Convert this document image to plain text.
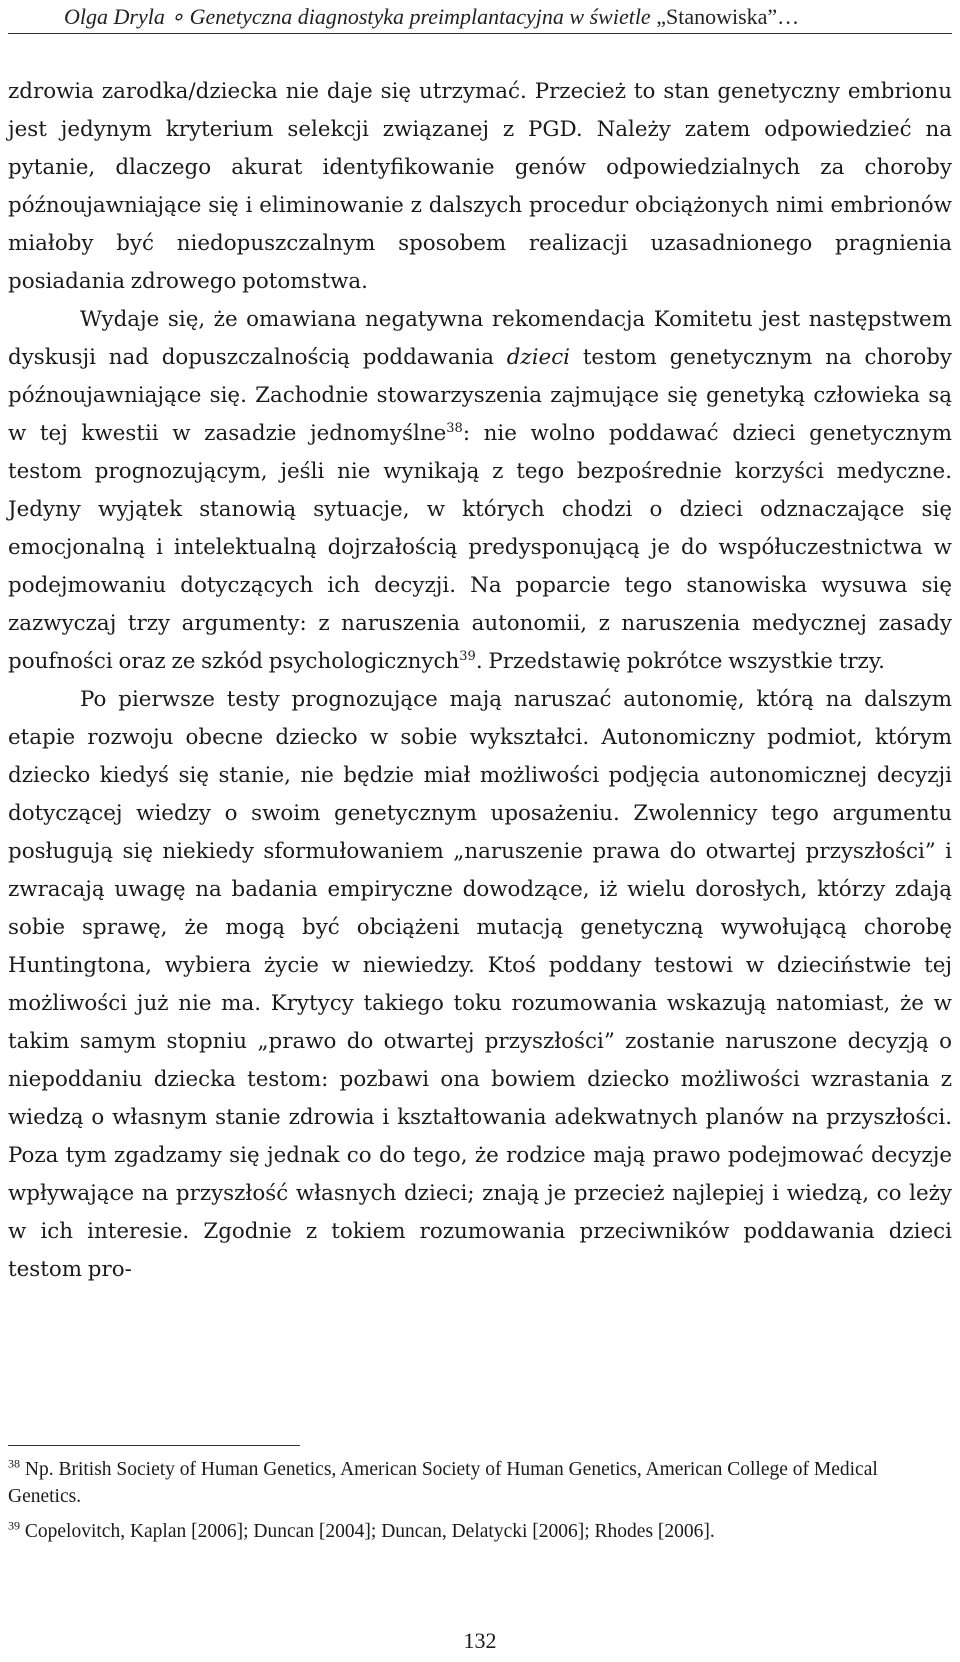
Olga Dryla ∘ Genetyczna diagnostyka preimplantacyjna w świetle „Stanowiska”…

zdrowia zarodka/dziecka nie daje się utrzymać. Przecież to stan genetyczny embrionu jest jedynym kryterium selekcji związanej z PGD. Należy zatem odpowiedzieć na pytanie, dlaczego akurat identyfikowanie genów odpowiedzialnych za choroby późnoujawniające się i eliminowanie z dalszych procedur obciążonych nimi embrionów miałoby być niedopuszczalnym sposobem realizacji uzasadnionego pragnienia posiadania zdrowego potomstwa.

Wydaje się, że omawiana negatywna rekomendacja Komitetu jest następstwem dyskusji nad dopuszczalnością poddawania dzieci testom genetycznym na choroby późnoujawniające się. Zachodnie stowarzyszenia zajmujące się genetyką człowieka są w tej kwestii w zasadzie jednomyślne$^{38}$: nie wolno poddawać dzieci genetycznym testom prognozującym, jeśli nie wynikają z tego bezpośrednie korzyści medyczne. Jedyny wyjątek stanowią sytuacje, w których chodzi o dzieci odznaczające się emocjonalną i intelektualną dojrzałością predysponującą je do współuczestnictwa w podejmowaniu dotyczących ich decyzji. Na poparcie tego stanowiska wysuwa się zazwyczaj trzy argumenty: z naruszenia autonomii, z naruszenia medycznej zasady poufności oraz ze szkód psychologicznych$^{39}$. Przedstawię pokrótce wszystkie trzy.

Po pierwsze testy prognozujące mają naruszać autonomię, którą na dalszym etapie rozwoju obecne dziecko w sobie wykształci. Autonomiczny podmiot, którym dziecko kiedyś się stanie, nie będzie miał możliwości podjęcia autonomicznej decyzji dotyczącej wiedzy o swoim genetycznym uposażeniu. Zwolennicy tego argumentu posługują się niekiedy sformułowaniem „naruszenie prawa do otwartej przyszłości” i zwracają uwagę na badania empiryczne dowodzące, iż wielu dorosłych, którzy zdają sobie sprawę, że mogą być obciążeni mutacją genetyczną wywołującą chorobę Huntingtona, wybiera życie w niewiedzy. Ktoś poddany testowi w dzieciństwie tej możliwości już nie ma. Krytycy takiego toku rozumowania wskazują natomiast, że w takim samym stopniu „prawo do otwartej przyszłości” zostanie naruszone decyzją o niepoddaniu dziecka testom: pozbawi ona bowiem dziecko możliwości wzrastania z wiedzą o własnym stanie zdrowia i kształtowania adekwatnych planów na przyszłości. Poza tym zgadzamy się jednak co do tego, że rodzice mają prawo podejmować decyzje wpływające na przyszłość własnych dzieci; znają je przecież najlepiej i wiedzą, co leży w ich interesie. Zgodnie z tokiem rozumowania przeciwników poddawania dzieci testom pro-

$^{38}$ Np. British Society of Human Genetics, American Society of Human Genetics, American College of Medical Genetics.

$^{39}$ Copelovitch, Kaplan [2006]; Duncan [2004]; Duncan, Delatycki [2006]; Rhodes [2006].

132
